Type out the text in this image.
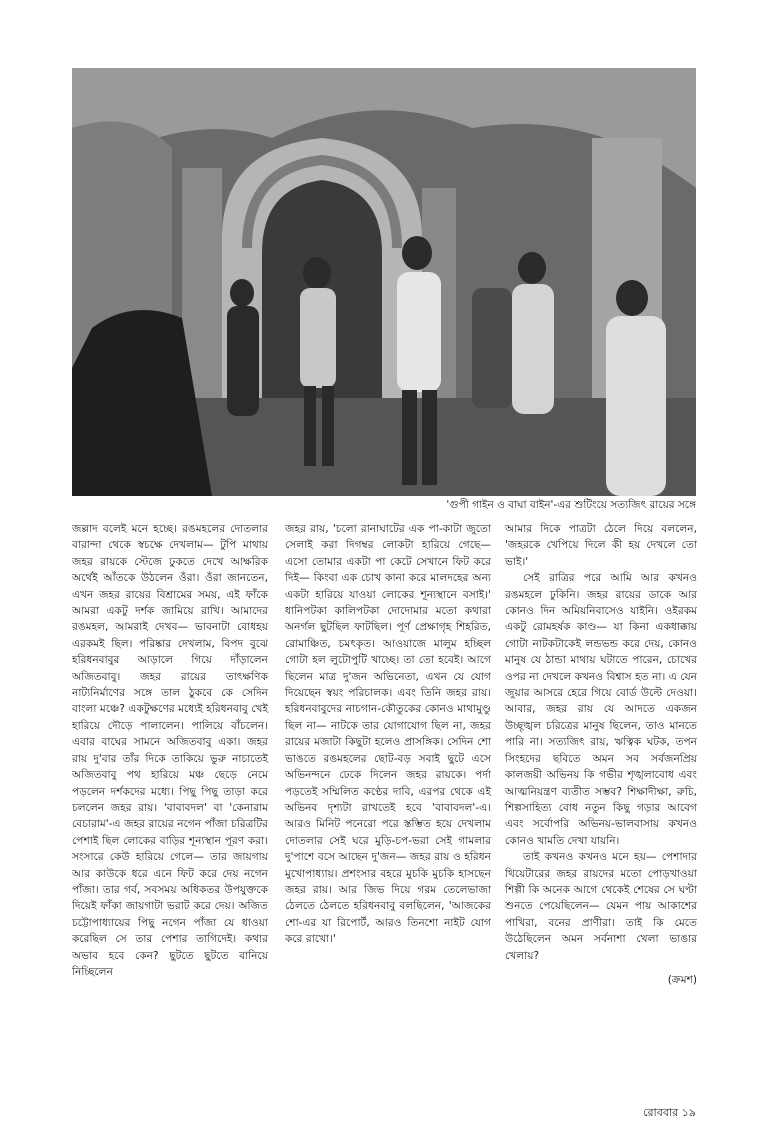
'গুপী গাইন ও বাঘা বাইন'-এর শুটিংয়ে সত্যজিৎ রায়ের সঙ্গে

জল্লাদ বলেই মনে হচ্ছে। রঙমহলের দোতলার বারান্দা থেকে স্বচক্ষে দেখলাম— টুপি মাথায় জহর রায়কে স্টেজে ঢুকতে দেখে আক্ষরিক অর্থেই আঁতকে উঠলেন ওঁরা। ওঁরা জানতেন, এখন জহর রায়ের বিশ্রামের সময়, এই ফাঁকে আমরা একটু দর্শক জামিয়ে রাখি। আমাদের রঙমহল, আমরাই দেখব— ভাবনাটা বোধহয় এরকমই ছিল। পরিষ্কার দেখলাম, বিপদ বুঝে হরিধনবাবুর আড়ালে গিয়ে দাঁড়ালেন অজিতবাবু। জহর রায়ের তাৎক্ষণিক নাট্যনির্মাণের সঙ্গে তাল ঠুকবে কে সেদিন বাংলা মঞ্চে? একটুক্ষণের মধ্যেই হরিধনবাবু খেই হারিয়ে দৌড়ে পালালেন। পালিয়ে বাঁচলেন। এবার বাঘের সামনে অজিতবাবু একা। জহর রায় দু'বার তাঁর দিকে তাকিয়ে ভুরু নাচাতেই অজিতবাবু পথ হারিয়ে মঞ্চ ছেড়ে নেমে পড়লেন দর্শকদের মধ্যে। পিছু পিছু তাড়া করে চললেন জহর রায়। 'বাবাবদল' বা 'কেনারাম বেচারাম'-এ জহর রায়ের নগেন পাঁজা চরিত্রটির পেশাই ছিল লোকের বাড়ির শূন্যস্থান পূরণ করা। সংসারে কেউ হারিয়ে গেলে— তার জায়গায় আর কাউকে ধরে এনে ফিট করে দেয় নগেন পাঁজা। তার গর্ব, সবসময় অধিকতর উপযুক্তকে দিয়েই ফাঁকা জায়গাটা ভরাট করে দেয়। অজিত চট্টোপাধ্যায়ের পিছু নগেন পাঁজা যে ধাওয়া করেছিল সে তার পেশার তাগিদেই। কথার অভাব হবে কেন? ছুটতে ছুটতে বানিয়ে নিচ্ছিলেন

জহর রায়, 'চলো রানাঘাটের এক পা-কাটা জুতো সেলাই করা দিগম্বর লোকটা হারিয়ে গেছে— এসো তোমার একটা পা কেটে সেখানে ফিট করে দিই— কিংবা এক চোখ কানা করে মালদহের অন্য একটা হারিয়ে যাওয়া লোকের শূন্যস্থানে বসাই।' ধানিপটকা কালিপটকা দোদোমার মতো কথারা অনর্গল ছুটছিল ফাটছিল। পূর্ণ প্রেক্ষাগৃহ শিহরিত, রোমাঞ্চিত, চমৎকৃত। আওয়াজে মালুম হচ্ছিল গোটা হল লুটোপুটি খাচ্ছে। তা তো হবেই। আগে ছিলেন মাত্র দু'জন অভিনেতা, এখন যে যোগ দিয়েছেন স্বয়ং পরিচালক। এবং তিনি জহর রায়। হরিধনবাবুদের নাচগান-কৌতুকের কোনও মাথামুণ্ডু ছিল না— নাটকে তার যোগাযোগ ছিল না, জহর রায়ের মজাটা কিছুটা হলেও প্রাসঙ্গিক। সেদিন শো ভাঙতে রঙমহলের ছোট-বড় সবাই ছুটে এসে অভিনন্দনে ঢেকে দিলেন জহর রায়কে। পর্দা পড়তেই সম্মিলিত কণ্ঠের দাবি, এরপর থেকে এই অভিনব দৃশ্যটা রাখতেই হবে 'বাবাবদল'-এ। আরও মিনিট পনেরো পরে স্তম্ভিত হয়ে দেখলাম দোতলার সেই ঘরে মুড়ি-চপ-ভরা সেই গামলার দু'পাশে বসে আছেন দু'জন— জহর রায় ও হরিধন মুখোপাধ্যায়। প্রশংসার বহরে মুচকি মুচকি হাসছেন জহর রায়। আর জিভ দিয়ে গরম তেলেভাজা ঠেলতে ঠেলতে হরিধনবাবু বলছিলেন, 'আজকের শো-এর যা রিপোর্ট, আরও তিনশো নাইট যোগ করে রাখো।'

আমার দিকে পাত্রটা ঠেলে দিয়ে বললেন, 'জহরকে খেপিয়ে দিলে কী হয় দেখলে তো ভাই।'

সেই রাত্রির পরে আমি আর কখনও রঙমহলে ঢুকিনি। জহর রায়ের ডাকে আর কোনও দিন অমিয়নিবাসেও যাইনি। ওইরকম একটু রোমহর্ষক কাণ্ড— যা কিনা একধাক্কায় গোটা নাটকটাকেই লন্ডভন্ড করে দেয়, কোনও মানুষ যে ঠান্ডা মাথায় ঘটাতে পারেন, চোখের ওপর না দেখলে কখনও বিশ্বাস হত না। এ যেন জুয়ার আসরে হেরে গিয়ে বোর্ড উল্টে দেওয়া। আবার, জহর রায় যে আদতে একজন উচ্ছৃঙ্খল চরিত্রের মানুষ ছিলেন, তাও মানতে পারি না। সত্যজিৎ রায়, ঋত্বিক ঘটক, তপন সিংহদের ছবিতে অমন সব সর্বজনপ্রিয় কালজয়ী অভিনয় কি গভীর শৃঙ্খলাবোধ এবং আত্মনিয়ন্ত্রণ ব্যতীত সম্ভব? শিক্ষাদীক্ষা, রুচি, শিল্পসাহিত্য বোধ নতুন কিছু গড়ার আবেগ এবং সর্বোপরি অভিনয়-ভালবাসায় কখনও কোনও খামতি দেখা যায়নি।

তাই কখনও কখনও মনে হয়— পেশাদার থিয়েটারের জহর রায়দের মতো পোড়খাওয়া শিল্পী কি অনেক আগে থেকেই শেষের সে ঘণ্টা শুনতে পেয়েছিলেন— যেমন পায় আকাশের পাখিরা, বনের প্রাণীরা। তাই কি মেতে উঠেছিলেন অমন সর্বনাশা খেলা ভাঙার খেলায়?

(ক্রমশ)

রোববার ১৯
